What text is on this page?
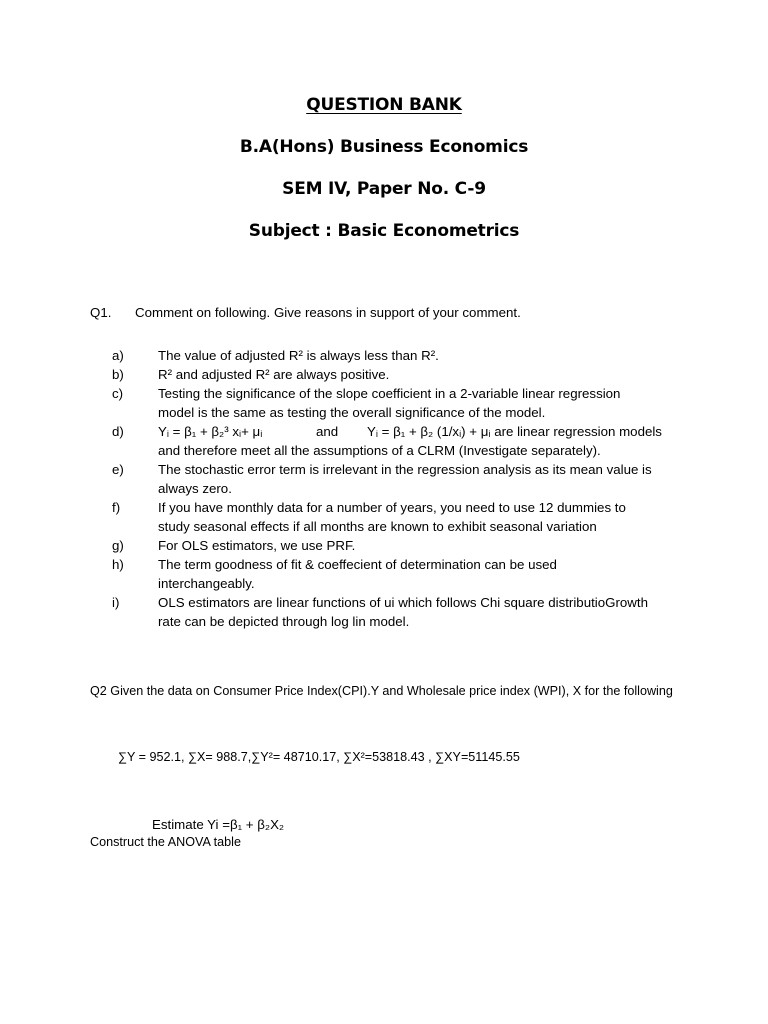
QUESTION BANK
B.A(Hons) Business Economics
SEM IV, Paper No. C-9
Subject : Basic Econometrics
Q1. Comment on following. Give reasons in support of your comment.
a)	The value of adjusted R² is always less than R².
b)	R² and adjusted R² are always positive.
c)	Testing the significance of the slope coefficient in a 2-variable linear regression
model is the same as testing the overall significance of the model.
d)	Yᵢ = β₁ + β₂³ xᵢ+ μᵢ	and Yᵢ = β₁ + β₂ (1/xᵢ) + μᵢ are linear regression models
and therefore meet all the assumptions of a CLRM (Investigate separately).
e)	The stochastic error term is irrelevant in the regression analysis as its mean value is
always zero.
f)	If you have monthly data for a number of years, you need to use 12 dummies to
study seasonal effects if all months are known to exhibit seasonal variation
g)	For OLS estimators, we use PRF.
h)	The term goodness of fit & coeffecient of determination can be used
interchangeably.
i)	OLS estimators are linear functions of ui which follows Chi square distributioGrowth
rate can be depicted through log lin model.
Q2 Given the data on Consumer Price Index(CPI).Y and Wholesale price index (WPI), X for the following
∑Y = 952.1, ∑X= 988.7,∑Y²= 48710.17, ∑X²=53818.43 , ∑XY=51145.55
Estimate Yi =β₁ + β₂X₂
Construct the ANOVA table
